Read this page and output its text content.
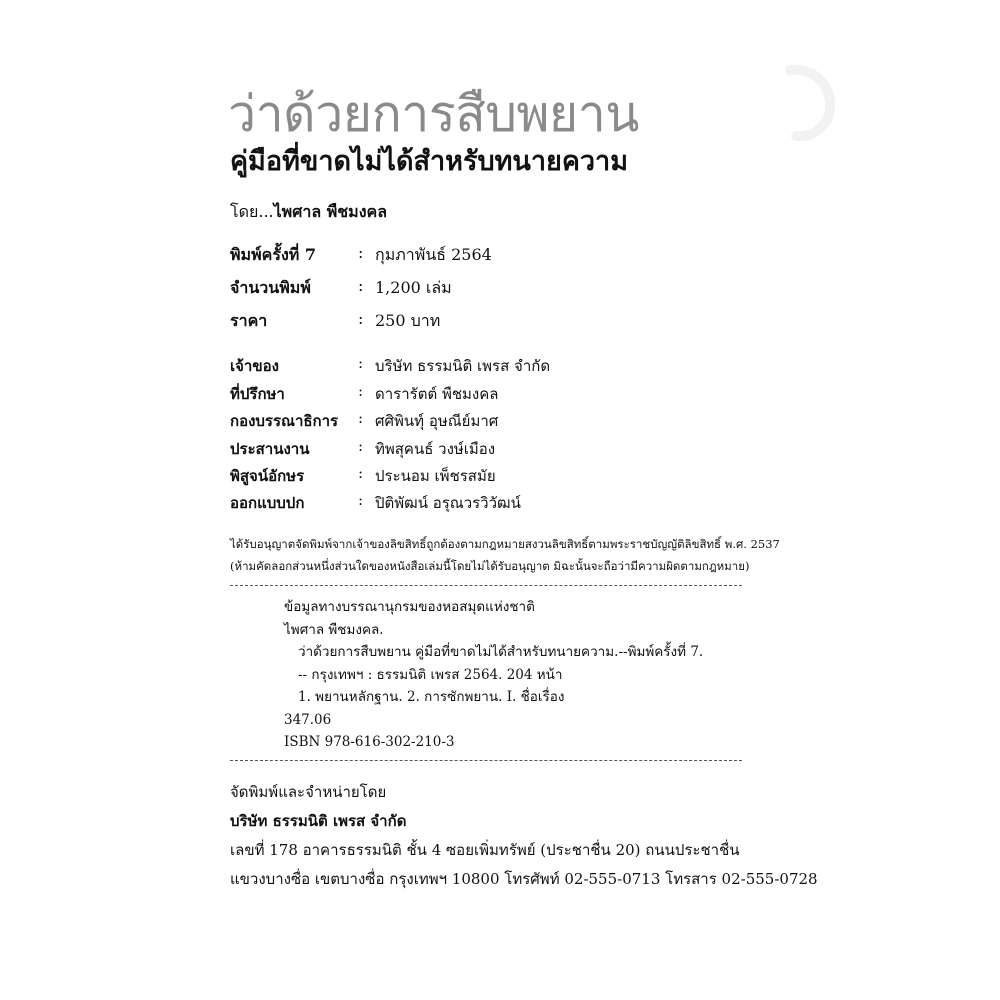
ว่าด้วยการสืบพยาน
คู่มือที่ขาดไม่ได้สำหรับทนายความ
โดย...ไพศาล พืชมงคล
พิมพ์ครั้งที่ 7	: กุมภาพันธ์ 2564
จำนวนพิมพ์	: 1,200 เล่ม
ราคา	: 250 บาท
เจ้าของ	: บริษัท ธรรมนิติ เพรส จำกัด
ที่ปรึกษา	: ดารารัตต์ พืชมงคล
กองบรรณาธิการ : ศศิพินทุ์ อุษณีย์มาศ
ประสานงาน	: ทิพสุคนธ์ วงษ์เมือง
พิสูจน์อักษร	: ประนอม เพ็ชรสมัย
ออกแบบปก	: ปิติพัฒน์ อรุณวรวิวัฒน์
ได้รับอนุญาตจัดพิมพ์จากเจ้าของลิขสิทธิ์ถูกต้องตามกฎหมายสงวนลิขสิทธิ์ตามพระราชบัญญัติลิขสิทธิ์ พ.ศ. 2537
(ห้ามคัดลอกส่วนหนึ่งส่วนใดของหนังสือเล่มนี้โดยไม่ได้รับอนุญาต มิฉะนั้นจะถือว่ามีความผิดตามกฎหมาย)
ข้อมูลทางบรรณานุกรมของหอสมุดแห่งชาติ
ไพศาล พืชมงคล.
ว่าด้วยการสืบพยาน คู่มือที่ขาดไม่ได้สำหรับทนายความ.--พิมพ์ครั้งที่ 7.
-- กรุงเทพฯ : ธรรมนิติ เพรส 2564. 204 หน้า
1. พยานหลักฐาน. 2. การซักพยาน. I. ชื่อเรื่อง
347.06
ISBN 978-616-302-210-3
จัดพิมพ์และจำหน่ายโดย
บริษัท ธรรมนิติ เพรส จำกัด
เลขที่ 178 อาคารธรรมนิติ ชั้น 4 ซอยเพิ่มทรัพย์ (ประชาชื่น 20) ถนนประชาชื่น
แขวงบางซื่อ เขตบางซื่อ กรุงเทพฯ 10800 โทรศัพท์ 02-555-0713 โทรสาร 02-555-0728
